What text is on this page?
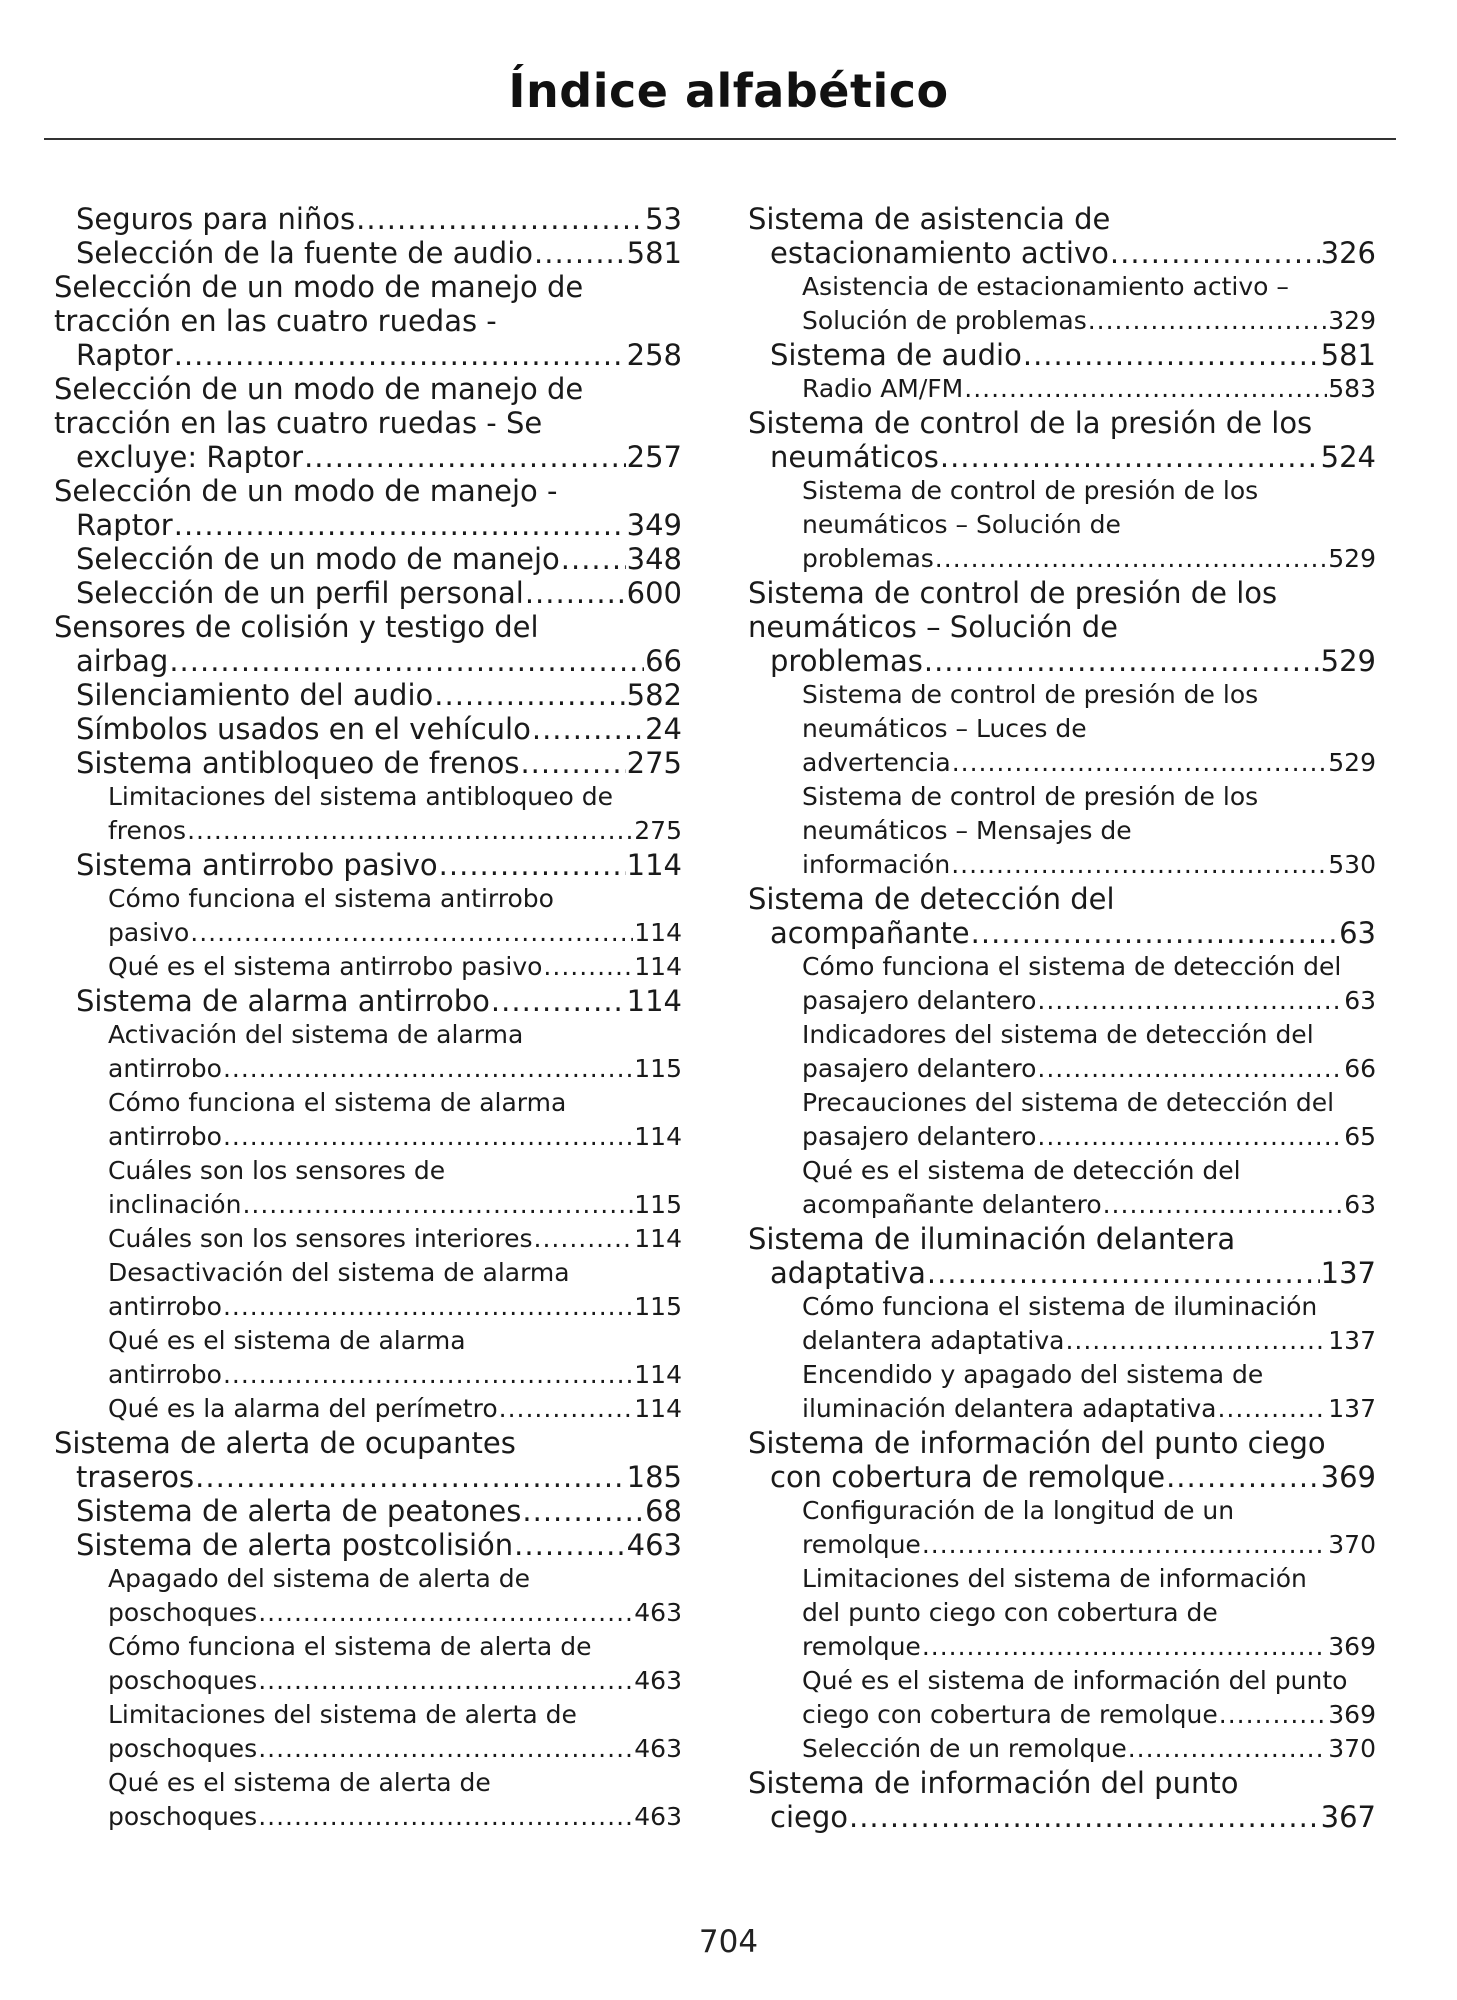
Índice alfabético
Seguros para niños .....	53
Selección de la fuente de audio .....	581
Selección de un modo de manejo de
tracción en las cuatro ruedas -
Raptor .....	258
Selección de un modo de manejo de
tracción en las cuatro ruedas - Se
excluye: Raptor .....	257
Selección de un modo de manejo -
Raptor .....	349
Selección de un modo de manejo ..... 348
Selección de un perfil personal .....	600
Sensores de colisión y testigo del
airbag .....	66
Silenciamiento del audio .....	582
Símbolos usados en el vehículo .....	24
Sistema antibloqueo de frenos .....	275
Limitaciones del sistema antibloqueo de
frenos .....	275
Sistema antirrobo pasivo .....	114
Cómo funciona el sistema antirrobo
pasivo .....	114
Qué es el sistema antirrobo pasivo .....	114
Sistema de alarma antirrobo .....	114
Activación del sistema de alarma
antirrobo .....	115
Cómo funciona el sistema de alarma
antirrobo .....	114
Cuáles son los sensores de
inclinación .....	115
Cuáles son los sensores interiores .....	114
Desactivación del sistema de alarma
antirrobo .....	115
Qué es el sistema de alarma
antirrobo .....	114
Qué es la alarma del perímetro .....	114
Sistema de alerta de ocupantes
traseros .....	185
Sistema de alerta de peatones .....	68
Sistema de alerta postcolisión .....	463
Apagado del sistema de alerta de
poschoques .....	463
Cómo funciona el sistema de alerta de
poschoques .....	463
Limitaciones del sistema de alerta de
poschoques .....	463
Qué es el sistema de alerta de
poschoques .....	463
Sistema de asistencia de
estacionamiento activo .....	326
Asistencia de estacionamiento activo –
Solución de problemas .....	329
Sistema de audio .....	581
Radio AM/FM .....	583
Sistema de control de la presión de los
neumáticos .....	524
Sistema de control de presión de los
neumáticos – Solución de
problemas .....	529
Sistema de control de presión de los
neumáticos – Solución de
problemas .....	529
Sistema de control de presión de los
neumáticos – Luces de
advertencia .....	529
Sistema de control de presión de los
neumáticos – Mensajes de
información .....	530
Sistema de detección del
acompañante .....	63
Cómo funciona el sistema de detección del
pasajero delantero .....	63
Indicadores del sistema de detección del
pasajero delantero .....	66
Precauciones del sistema de detección del
pasajero delantero .....	65
Qué es el sistema de detección del
acompañante delantero .....	63
Sistema de iluminación delantera
adaptativa .....	137
Cómo funciona el sistema de iluminación
delantera adaptativa .....	137
Encendido y apagado del sistema de
iluminación delantera adaptativa .....	137
Sistema de información del punto ciego
con cobertura de remolque .....	369
Configuración de la longitud de un
remolque .....	370
Limitaciones del sistema de información
del punto ciego con cobertura de
remolque .....	369
Qué es el sistema de información del punto
ciego con cobertura de remolque .....	369
Selección de un remolque .....	370
Sistema de información del punto
ciego .....	367
704
